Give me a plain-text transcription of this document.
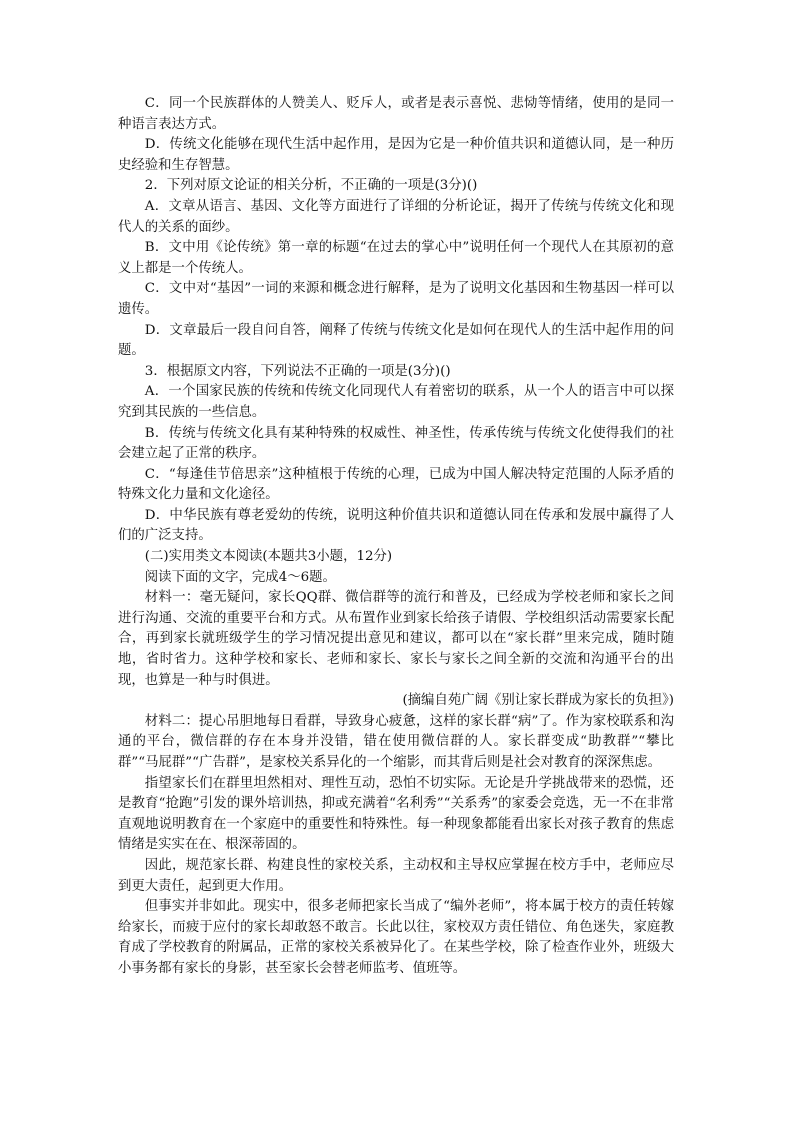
C．同一个民族群体的人赞美人、贬斥人，或者是表示喜悦、悲恸等情绪，使用的是同一种语言表达方式。

D．传统文化能够在现代生活中起作用，是因为它是一种价值共识和道德认同，是一种历史经验和生存智慧。

2．下列对原文论证的相关分析，不正确的一项是(3分)()

A．文章从语言、基因、文化等方面进行了详细的分析论证，揭开了传统与传统文化和现代人的关系的面纱。

B．文中用《论传统》第一章的标题“在过去的掌心中”说明任何一个现代人在其原初的意义上都是一个传统人。

C．文中对“基因”一词的来源和概念进行解释，是为了说明文化基因和生物基因一样可以遗传。

D．文章最后一段自问自答，阐释了传统与传统文化是如何在现代人的生活中起作用的问题。

3．根据原文内容，下列说法不正确的一项是(3分)()

A．一个国家民族的传统和传统文化同现代人有着密切的联系，从一个人的语言中可以探究到其民族的一些信息。

B．传统与传统文化具有某种特殊的权威性、神圣性，传承传统与传统文化使得我们的社会建立起了正常的秩序。

C．“每逢佳节倍思亲”这种植根于传统的心理，已成为中国人解决特定范围的人际矛盾的特殊文化力量和文化途径。

D．中华民族有尊老爱幼的传统，说明这种价值共识和道德认同在传承和发展中赢得了人们的广泛支持。

(二)实用类文本阅读(本题共3小题，12分)

阅读下面的文字，完成4～6题。

材料一：毫无疑问，家长QQ群、微信群等的流行和普及，已经成为学校老师和家长之间进行沟通、交流的重要平台和方式。从布置作业到家长给孩子请假、学校组织活动需要家长配合，再到家长就班级学生的学习情况提出意见和建议，都可以在“家长群”里来完成，随时随地，省时省力。这种学校和家长、老师和家长、家长与家长之间全新的交流和沟通平台的出现，也算是一种与时俱进。

(摘编自苑广阔《别让家长群成为家长的负担》)

材料二：提心吊胆地每日看群，导致身心疲惫，这样的家长群“病”了。作为家校联系和沟通的平台，微信群的存在本身并没错，错在使用微信群的人。家长群变成“助教群”“攀比群”“马屁群”“广告群”，是家校关系异化的一个缩影，而其背后则是社会对教育的深深焦虑。

指望家长们在群里坦然相对、理性互动，恐怕不切实际。无论是升学挑战带来的恐慌，还是教育“抢跑”引发的课外培训热，抑或充满着“名利秀”“关系秀”的家委会竞选，无一不在非常直观地说明教育在一个家庭中的重要性和特殊性。每一种现象都能看出家长对孩子教育的焦虑情绪是实实在在、根深蒂固的。

因此，规范家长群、构建良性的家校关系，主动权和主导权应掌握在校方手中，老师应尽到更大责任，起到更大作用。

但事实并非如此。现实中，很多老师把家长当成了“编外老师”，将本属于校方的责任转嫁给家长，而疲于应付的家长却敢怒不敢言。长此以往，家校双方责任错位、角色迷失，家庭教育成了学校教育的附属品，正常的家校关系被异化了。在某些学校，除了检查作业外，班级大小事务都有家长的身影，甚至家长会替老师监考、值班等。
